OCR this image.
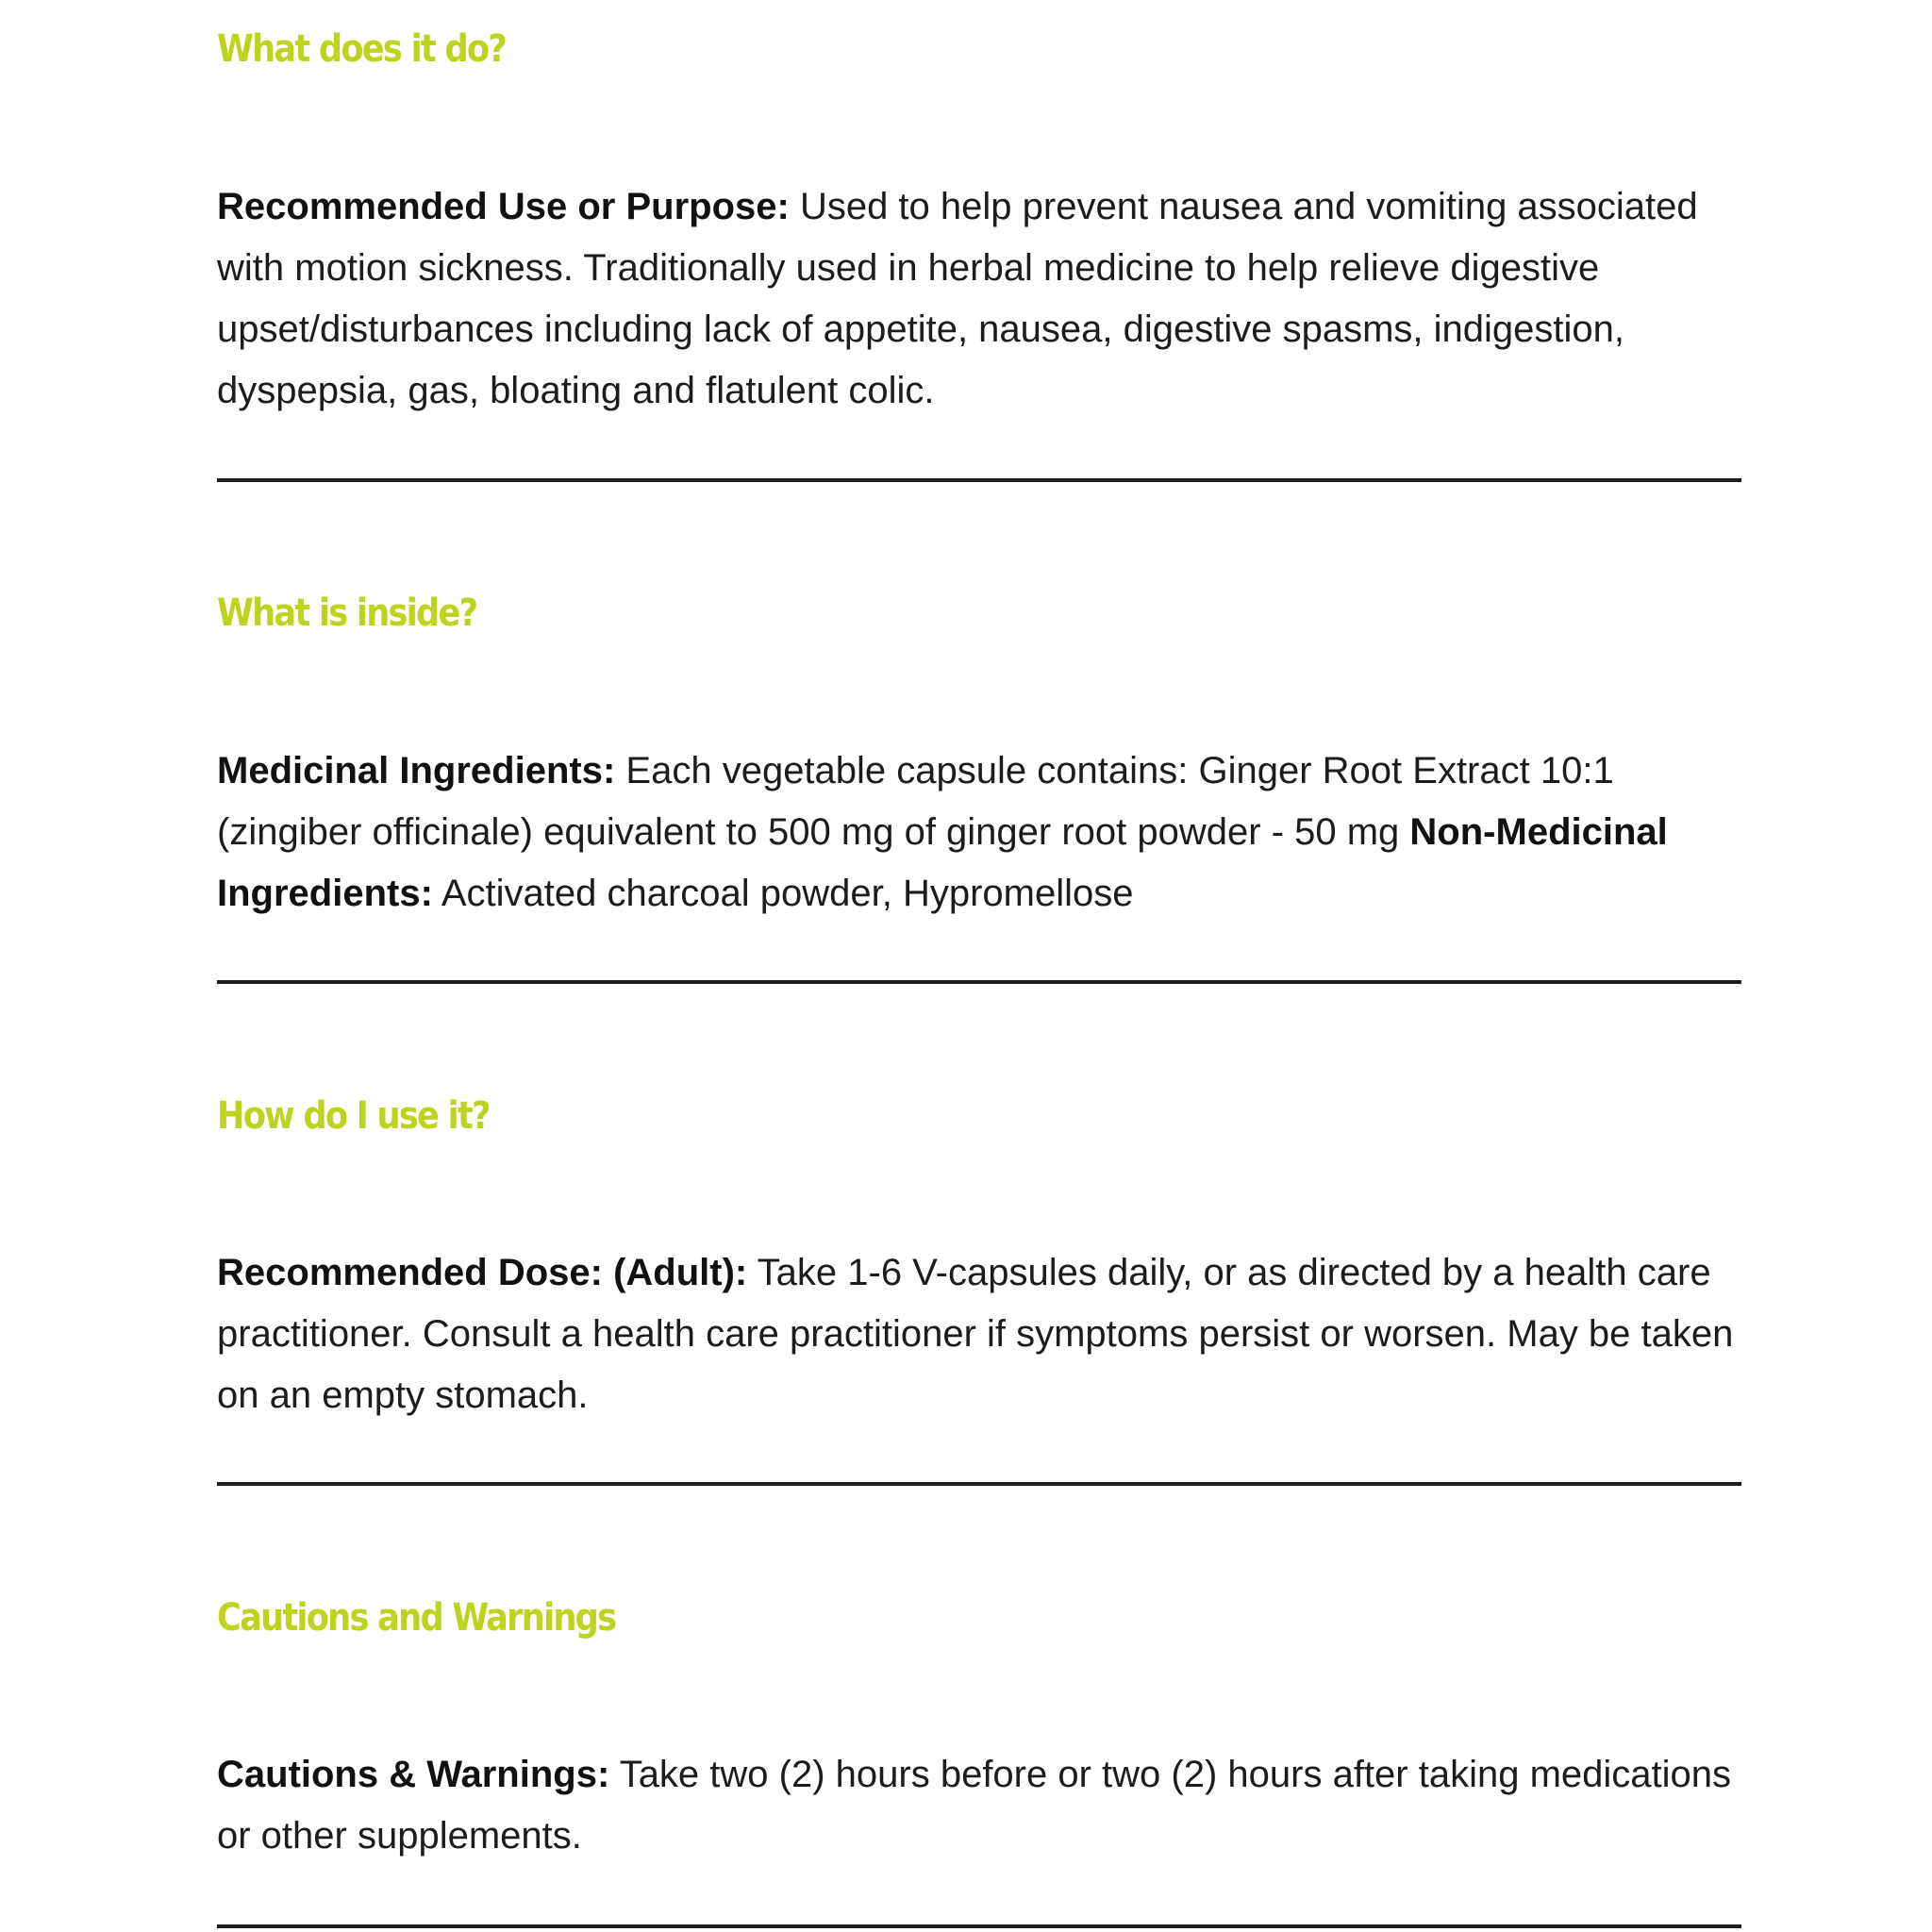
What does it do?

Recommended Use or Purpose: Used to help prevent nausea and vomiting associated with motion sickness. Traditionally used in herbal medicine to help relieve digestive upset/disturbances including lack of appetite, nausea, digestive spasms, indigestion, dyspepsia, gas, bloating and flatulent colic.

What is inside?

Medicinal Ingredients: Each vegetable capsule contains: Ginger Root Extract 10:1 (zingiber officinale) equivalent to 500 mg of ginger root powder - 50 mg Non-Medicinal Ingredients: Activated charcoal powder, Hypromellose

How do I use it?

Recommended Dose: (Adult): Take 1-6 V-capsules daily, or as directed by a health care practitioner. Consult a health care practitioner if symptoms persist or worsen. May be taken on an empty stomach.

Cautions and Warnings

Cautions & Warnings: Take two (2) hours before or two (2) hours after taking medications or other supplements.
